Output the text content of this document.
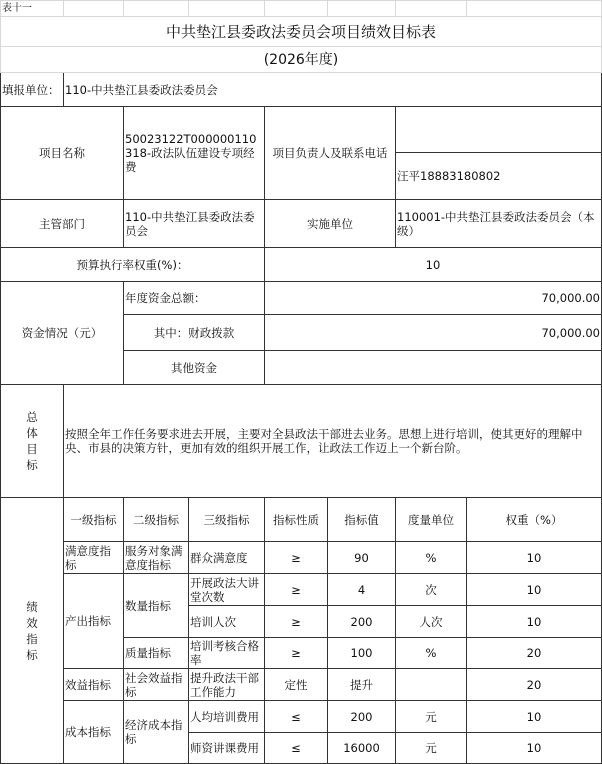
表十一							
中共垫江县委政法委员会项目绩效目标表							
(2026年度)							
填报单位：	110-中共垫江县委政法委员会						
项目名称		50023122T000000110318-政法队伍建设专项经费		项目负责人及联系电话			
						汪平18883180802	
主管部门		110-中共垫江县委政法委员会		实施单位		110001-中共垫江县委政法委员会（本级）	
预算执行率权重(%)：				10			
资金情况（元）		年度资金总额：		70,000.00			
		其中：财政拨款		70,000.00			
		其他资金					
总体目标	按照全年工作任务要求进去开展，主要对全县政法干部进去业务。思想上进行培训，使其更好的理解中央、市县的决策方针，更加有效的组织开展工作，让政法工作迈上一个新台阶。						
绩效指标	一级指标	二级指标	三级指标	指标性质	指标值	度量单位	权重（%）
	满意度指标	服务对象满意度指标	群众满意度	≥	90	%	10
	产出指标	数量指标	开展政法大讲堂次数	≥	4	次	10
			培训人次	≥	200	人次	10
		质量指标	培训考核合格率	≥	100	%	20
	效益指标	社会效益指标	提升政法干部工作能力	定性	提升		20
	成本指标	经济成本指标	人均培训费用	≤	200	元	10
			师资讲课费用	≤	16000	元	10
